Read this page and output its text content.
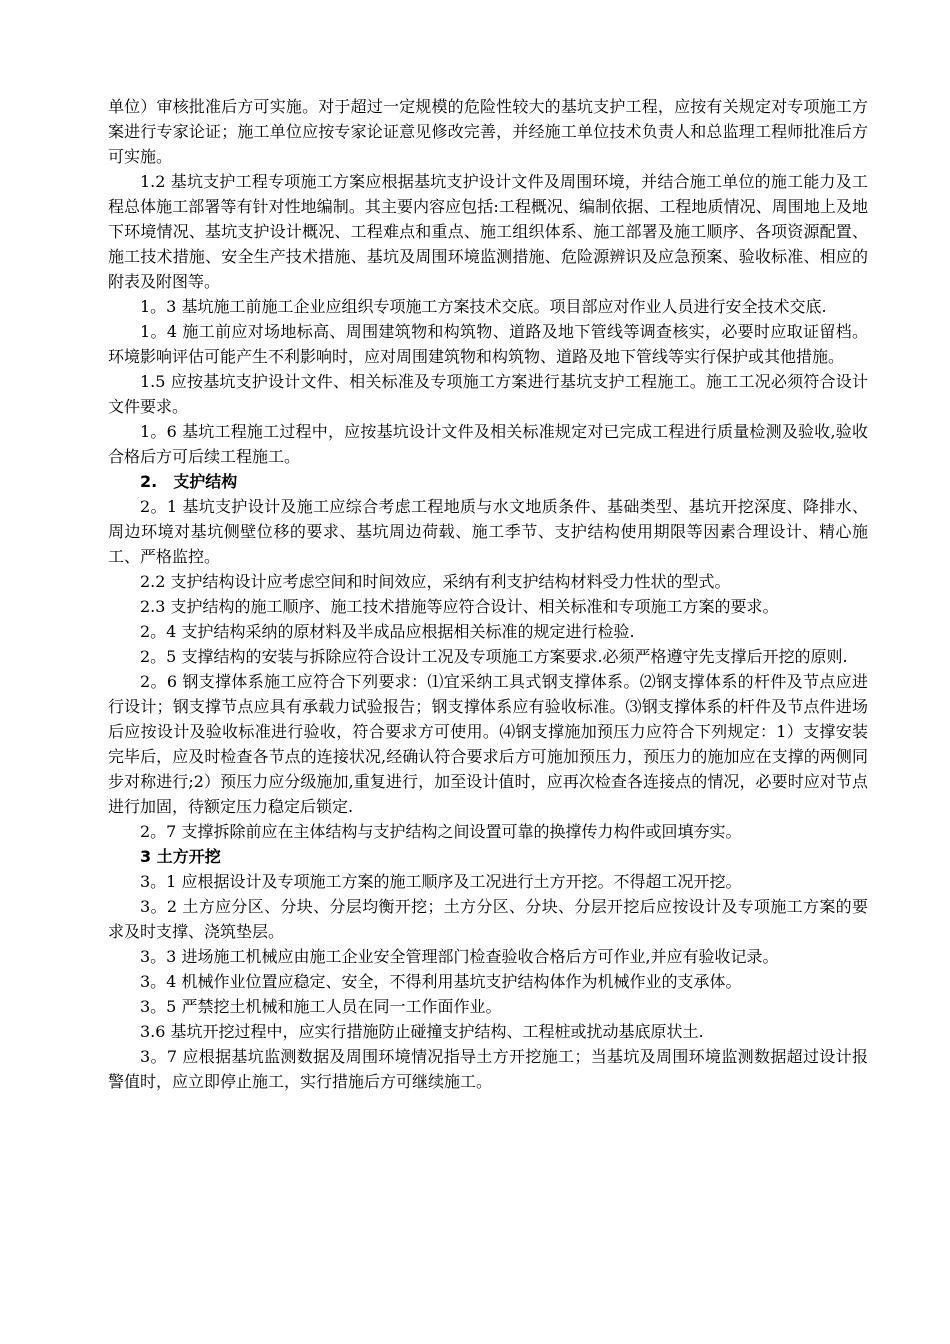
单位）审核批准后方可实施。对于超过一定规模的危险性较大的基坑支护工程，应按有关规定对专项施工方案进行专家论证；施工单位应按专家论证意见修改完善，并经施工单位技术负责人和总监理工程师批准后方可实施。

1.2 基坑支护工程专项施工方案应根据基坑支护设计文件及周围环境，并结合施工单位的施工能力及工程总体施工部署等有针对性地编制。其主要内容应包括:工程概况、编制依据、工程地质情况、周围地上及地下环境情况、基坑支护设计概况、工程难点和重点、施工组织体系、施工部署及施工顺序、各项资源配置、施工技术措施、安全生产技术措施、基坑及周围环境监测措施、危险源辨识及应急预案、验收标准、相应的附表及附图等。

1。3 基坑施工前施工企业应组织专项施工方案技术交底。项目部应对作业人员进行安全技术交底.

1。4 施工前应对场地标高、周围建筑物和构筑物、道路及地下管线等调查核实，必要时应取证留档。环境影响评估可能产生不利影响时，应对周围建筑物和构筑物、道路及地下管线等实行保护或其他措施。

1.5 应按基坑支护设计文件、相关标准及专项施工方案进行基坑支护工程施工。施工工况必须符合设计文件要求。

1。6 基坑工程施工过程中，应按基坑设计文件及相关标准规定对已完成工程进行质量检测及验收,验收合格后方可后续工程施工。

2.　支护结构

2。1 基坑支护设计及施工应综合考虑工程地质与水文地质条件、基础类型、基坑开挖深度、降排水、周边环境对基坑侧壁位移的要求、基坑周边荷载、施工季节、支护结构使用期限等因素合理设计、精心施工、严格监控。

2.2 支护结构设计应考虑空间和时间效应，采纳有利支护结构材料受力性状的型式。

2.3 支护结构的施工顺序、施工技术措施等应符合设计、相关标准和专项施工方案的要求。

2。4 支护结构采纳的原材料及半成品应根据相关标准的规定进行检验.

2。5 支撑结构的安装与拆除应符合设计工况及专项施工方案要求.必须严格遵守先支撑后开挖的原则.

2。6 钢支撑体系施工应符合下列要求：⑴宜采纳工具式钢支撑体系。⑵钢支撑体系的杆件及节点应进行设计；钢支撑节点应具有承载力试验报告；钢支撑体系应有验收标准。⑶钢支撑体系的杆件及节点件进场后应按设计及验收标准进行验收，符合要求方可使用。⑷钢支撑施加预压力应符合下列规定：1）支撑安装完毕后，应及时检查各节点的连接状况,经确认符合要求后方可施加预压力，预压力的施加应在支撑的两侧同步对称进行;2）预压力应分级施加,重复进行，加至设计值时，应再次检查各连接点的情况，必要时应对节点进行加固，待额定压力稳定后锁定.

2。7 支撑拆除前应在主体结构与支护结构之间设置可靠的换撑传力构件或回填夯实。

3 土方开挖

3。1 应根据设计及专项施工方案的施工顺序及工况进行土方开挖。不得超工况开挖。

3。2 土方应分区、分块、分层均衡开挖；土方分区、分块、分层开挖后应按设计及专项施工方案的要求及时支撑、浇筑垫层。

3。3 进场施工机械应由施工企业安全管理部门检查验收合格后方可作业,并应有验收记录。

3。4 机械作业位置应稳定、安全，不得利用基坑支护结构体作为机械作业的支承体。

3。5 严禁挖土机械和施工人员在同一工作面作业。

3.6 基坑开挖过程中，应实行措施防止碰撞支护结构、工程桩或扰动基底原状土.

3。7 应根据基坑监测数据及周围环境情况指导土方开挖施工；当基坑及周围环境监测数据超过设计报警值时，应立即停止施工，实行措施后方可继续施工。
